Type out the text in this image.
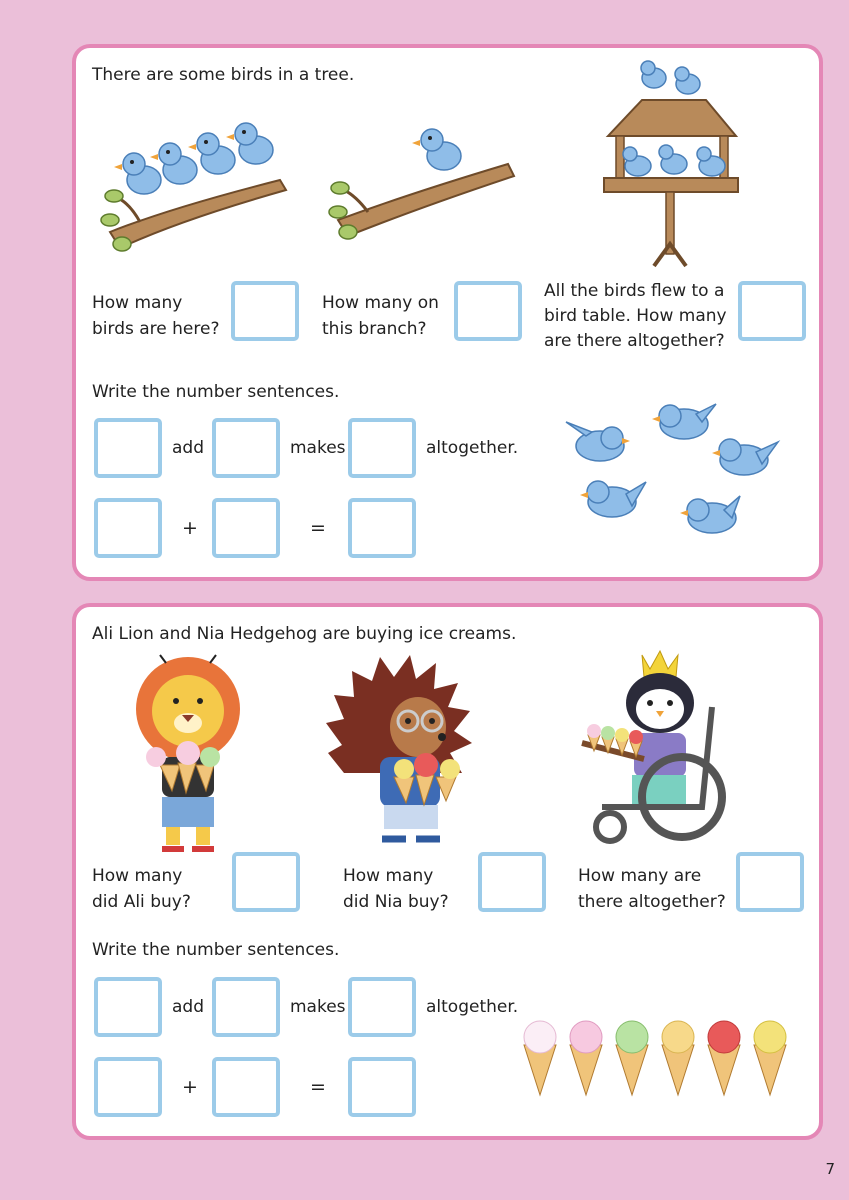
There are some birds in a tree.
How many
birds are here?
How many on
this branch?
All the birds flew to a
bird table. How many
are there altogether?
Write the number sentences.
add	makes	altogether.
+	=
Ali Lion and Nia Hedgehog are buying ice creams.
How many
did Ali buy?
How many
did Nia buy?
How many are
there altogether?
Write the number sentences.
add	makes	altogether.
+	=
7
